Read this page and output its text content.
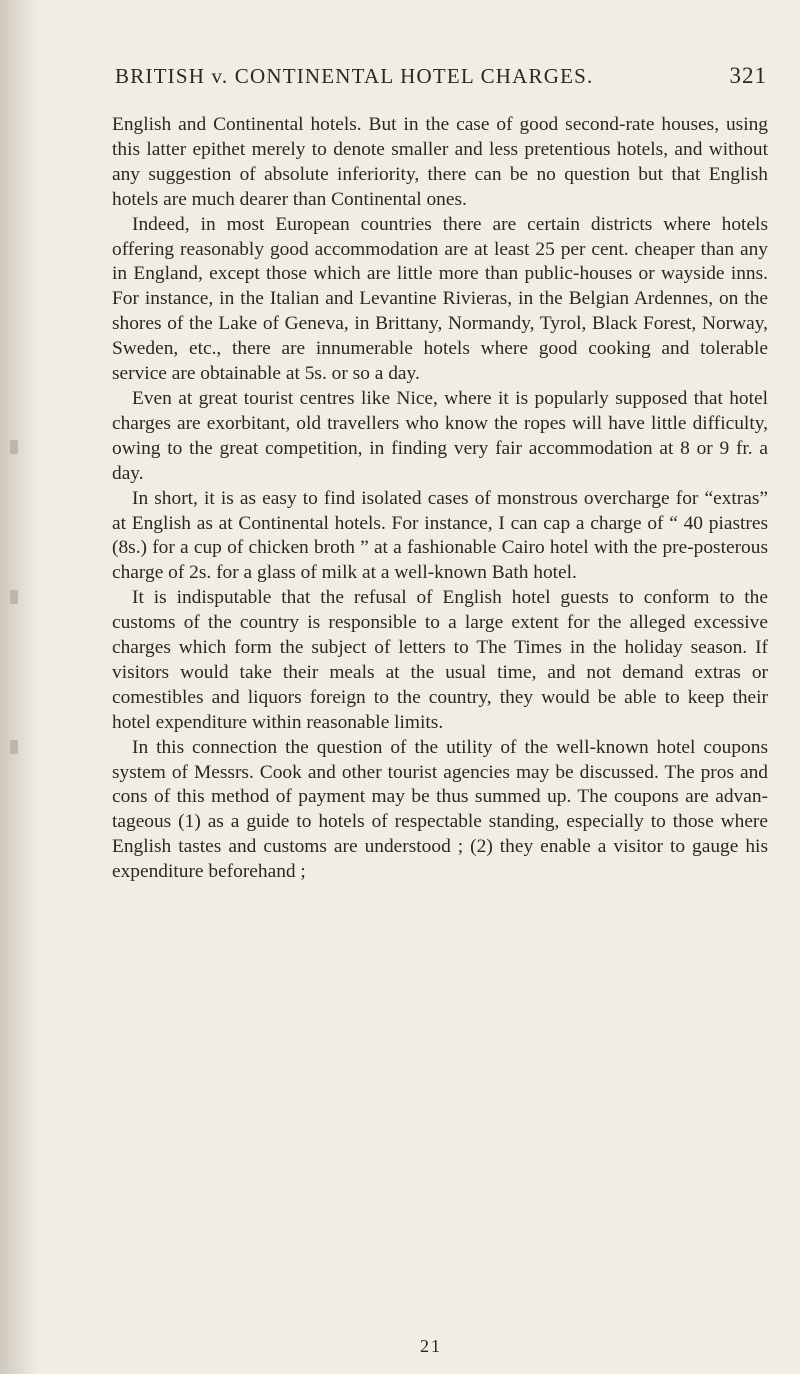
BRITISH v. CONTINENTAL HOTEL CHARGES.	321

English and Continental hotels. But in the case of good second-rate houses, using this latter epithet merely to denote smaller and less pretentious hotels, and without any suggestion of absolute inferiority, there can be no question but that English hotels are much dearer than Continental ones.

Indeed, in most European countries there are certain districts where hotels offering reasonably good accommodation are at least 25 per cent. cheaper than any in England, except those which are little more than public-houses or wayside inns. For instance, in the Italian and Levantine Rivieras, in the Belgian Ardennes, on the shores of the Lake of Geneva, in Brittany, Normandy, Tyrol, Black Forest, Norway, Sweden, etc., there are innumerable hotels where good cooking and tolerable service are obtainable at 5s. or so a day.

Even at great tourist centres like Nice, where it is popularly supposed that hotel charges are exorbitant, old travellers who know the ropes will have little difficulty, owing to the great competition, in finding very fair accommodation at 8 or 9 fr. a day.

In short, it is as easy to find isolated cases of monstrous overcharge for “extras” at English as at Continental hotels. For instance, I can cap a charge of “ 40 piastres (8s.) for a cup of chicken broth ” at a fashionable Cairo hotel with the pre-posterous charge of 2s. for a glass of milk at a well-known Bath hotel.

It is indisputable that the refusal of English hotel guests to conform to the customs of the country is responsible to a large extent for the alleged excessive charges which form the subject of letters to The Times in the holiday season. If visitors would take their meals at the usual time, and not demand extras or comestibles and liquors foreign to the country, they would be able to keep their hotel expenditure within reasonable limits.

In this connection the question of the utility of the well-known hotel coupons system of Messrs. Cook and other tourist agencies may be discussed. The pros and cons of this method of payment may be thus summed up. The coupons are advan-tageous (1) as a guide to hotels of respectable standing, especially to those where English tastes and customs are understood ; (2) they enable a visitor to gauge his expenditure beforehand ;

21
